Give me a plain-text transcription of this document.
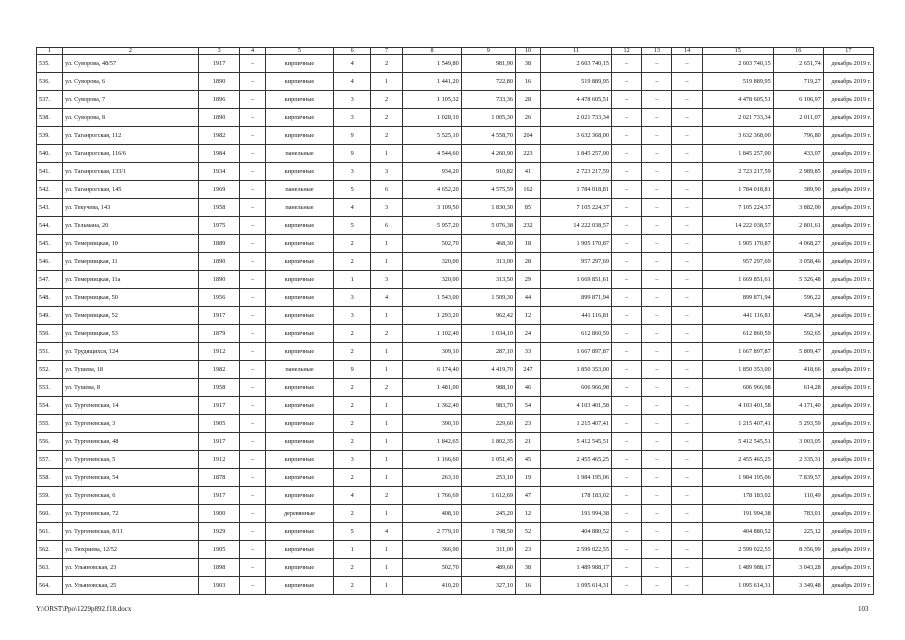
1	2	3	4	5	6	7	8	9	10	11	12	13	14	15	16	17
535.	ул. Суворова, 48/57	1917	–	кирпичные	4	2	1 549,80	981,90	38	2 603 740,15	–	–	–	2 603 740,15	2 651,74	декабрь 2019 г.
536.	ул. Суворова, 6	1890	–	кирпичные	4	1	1 441,20	722,80	16	519 889,95	–	–	–	519 889,95	719,27	декабрь 2019 г.
537.	ул. Суворова, 7	1896	–	кирпичные	3	2	1 105,32	733,36	28	4 478 605,51	–	–	–	4 478 605,51	6 106,97	декабрь 2019 г.
538.	ул. Суворова, 8	1890	–	кирпичные	3	2	1 028,10	1 005,30	26	2 021 733,34	–	–	–	2 021 733,34	2 011,07	декабрь 2019 г.
539.	ул. Таганрогская, 112	1982	–	кирпичные	9	2	5 525,10	4 558,70	204	3 632 368,00	–	–	–	3 632 368,00	796,80	декабрь 2019 г.
540.	ул. Таганрогская, 116/6	1984	–	панельные	9	1	4 544,60	4 260,90	223	1 845 257,00	–	–	–	1 845 257,00	433,07	декабрь 2019 г.
541.	ул. Таганрогская, 133/1	1934	–	кирпичные	3	3	934,20	910,82	41	2 723 217,59	–	–	–	2 723 217,59	2 989,85	декабрь 2019 г.
542.	ул. Таганрогская, 145	1969	–	панельные	5	6	4 652,20	4 575,59	162	1 784 018,81	–	–	–	1 784 018,81	389,90	декабрь 2019 г.
543.	ул. Текучева, 143	1958	–	панельные	4	3	3 109,50	1 830,30	85	7 105 224,37	–	–	–	7 105 224,37	3 882,00	декабрь 2019 г.
544.	ул. Тельмана, 20	1975	–	кирпичные	5	6	5 957,20	5 076,38	232	14 222 038,57	–	–	–	14 222 038,57	2 801,61	декабрь 2019 г.
545.	ул. Темерницкая, 10	1889	–	кирпичные	2	1	502,70	468,30	18	1 905 170,87	–	–	–	1 905 170,87	4 068,27	декабрь 2019 г.
546.	ул. Темерницкая, 11	1890	–	кирпичные	2	1	320,00	313,00	28	957 297,69	–	–	–	957 297,69	3 058,46	декабрь 2019 г.
547.	ул. Темерницкая, 11а	1890	–	кирпичные	1	3	320,00	313,50	29	1 669 851,61	–	–	–	1 669 851,61	5 326,48	декабрь 2019 г.
548.	ул. Темерницкая, 50	1956	–	кирпичные	3	4	1 543,00	1 509,30	44	899 871,94	–	–	–	899 871,94	596,22	декабрь 2019 г.
549.	ул. Темерницкая, 52	1917	–	кирпичные	3	1	1 293,20	962,42	12	441 116,81	–	–	–	441 116,81	458,34	декабрь 2019 г.
550.	ул. Темерницкая, 53	1879	–	кирпичные	2	2	1 102,40	1 034,10	24	612 860,59	–	–	–	612 860,59	592,65	декабрь 2019 г.
551.	ул. Трудящихся, 124	1912	–	кирпичные	2	1	309,10	287,10	33	1 667 897,87	–	–	–	1 667 897,87	5 809,47	декабрь 2019 г.
552.	ул. Тушева, 18	1982	–	панельные	9	1	6 174,40	4 419,70	247	1 850 353,00	–	–	–	1 850 353,00	418,66	декабрь 2019 г.
553.	ул. Тушева, 8	1958	–	кирпичные	2	2	1 481,00	988,10	46	606 966,98	–	–	–	606 966,98	614,28	декабрь 2019 г.
554.	ул. Тургеневская, 14	1917	–	кирпичные	2	1	1 362,40	983,70	54	4 103 401,58	–	–	–	4 103 401,58	4 171,40	декабрь 2019 г.
555.	ул. Тургеневская, 3	1905	–	кирпичные	2	1	390,10	229,60	23	1 215 407,41	–	–	–	1 215 407,41	5 293,59	декабрь 2019 г.
556.	ул. Тургеневская, 48	1917	–	кирпичные	2	1	1 842,65	1 802,35	21	5 412 545,51	–	–	–	5 412 545,51	3 003,05	декабрь 2019 г.
557.	ул. Тургеневская, 5	1912	–	кирпичные	3	1	1 166,60	1 051,45	45	2 455 465,25	–	–	–	2 455 465,25	2 335,31	декабрь 2019 г.
558.	ул. Тургеневская, 54	1878	–	кирпичные	2	1	263,10	253,10	19	1 984 195,06	–	–	–	1 984 195,06	7 839,57	декабрь 2019 г.
559.	ул. Тургеневская, 6	1917	–	кирпичные	4	2	1 766,69	1 612,69	47	178 183,02	–	–	–	178 183,02	110,49	декабрь 2019 г.
560.	ул. Тургеневская, 72	1900	–	деревянные	2	1	408,10	245,20	12	191 994,38	–	–	–	191 994,38	783,01	декабрь 2019 г.
561.	ул. Тургеневская, 8/11	1929	–	кирпичные	5	4	2 779,10	1 798,50	52	404 880,52	–	–	–	404 880,52	225,12	декабрь 2019 г.
562.	ул. Тюхриева, 12/52	1905	–	кирпичные	1	1	366,90	311,00	23	2 599 022,55	–	–	–	2 599 022,55	8 356,99	декабрь 2019 г.
563.	ул. Ульяновская, 23	1898	–	кирпичные	2	1	502,70	489,60	38	1 489 988,17	–	–	–	1 489 988,17	3 043,28	декабрь 2019 г.
564.	ул. Ульяновская, 25	1903	–	кирпичные	2	1	410,20	327,10	16	1 095 614,31	–	–	–	1 095 614,31	3 349,48	декабрь 2019 г.
Y:\ORST\Ppo\1229p892.f18.docx	103
